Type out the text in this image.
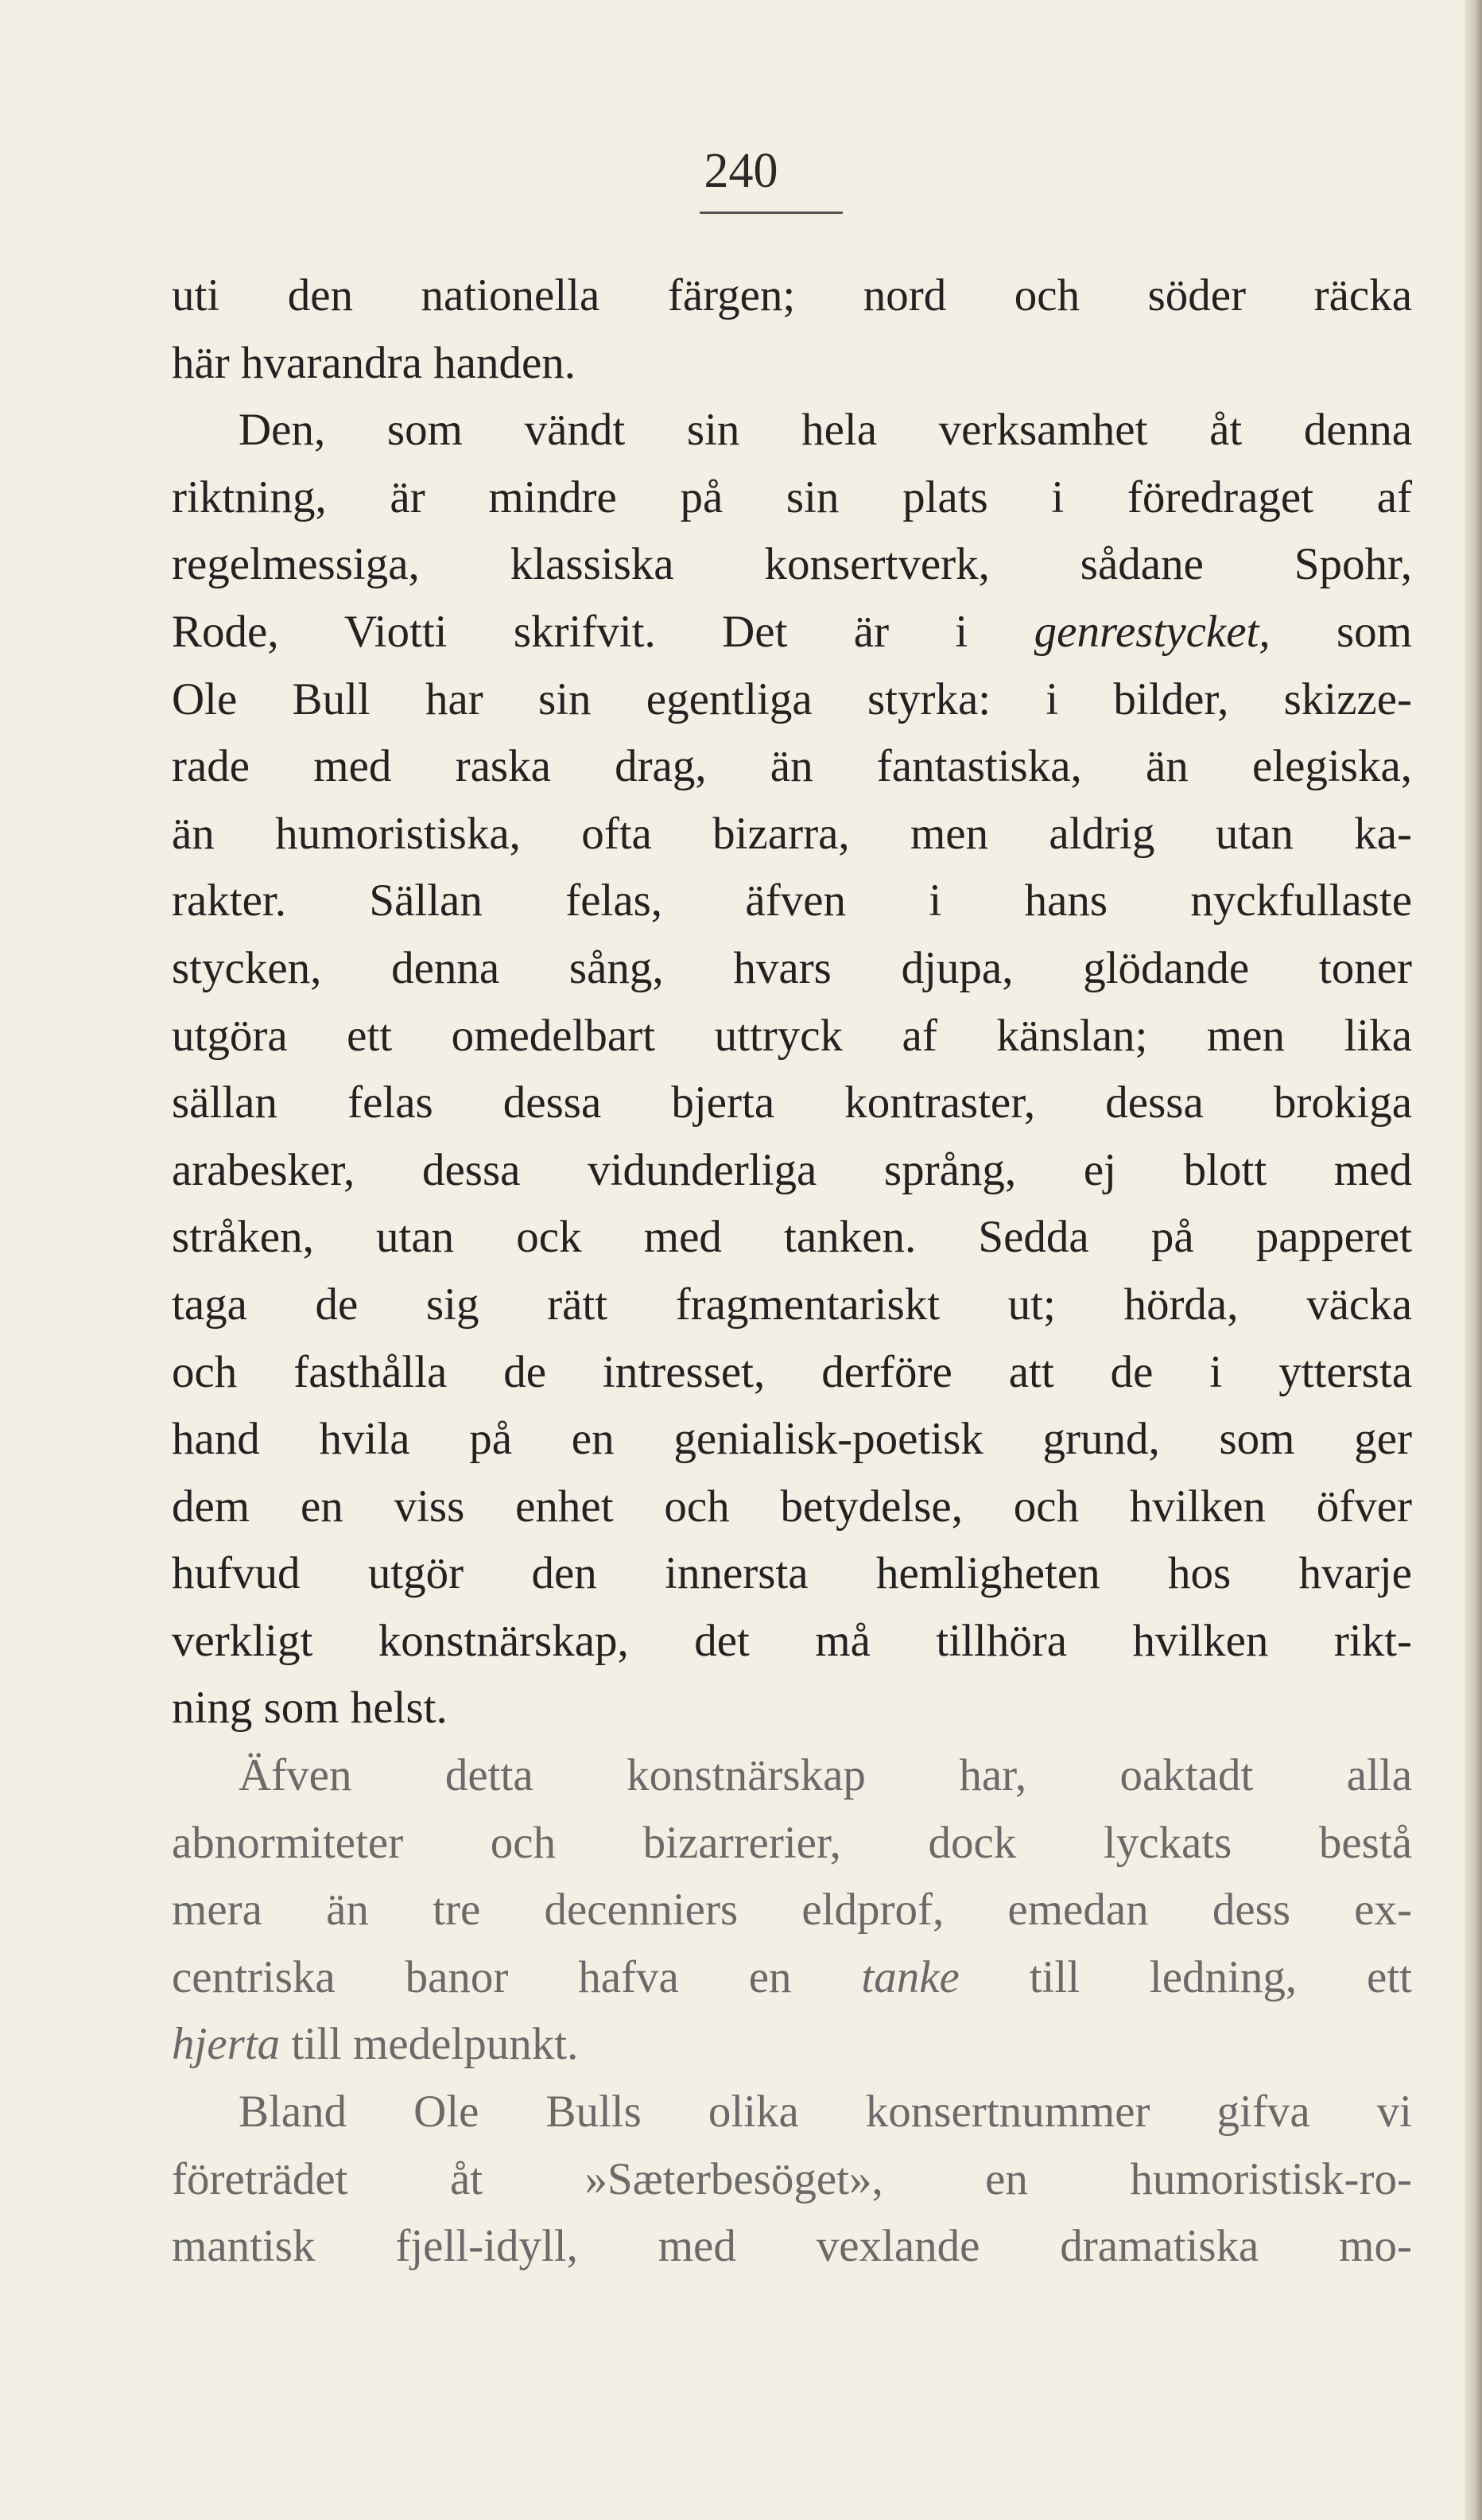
240
uti den nationella färgen; nord och söder räcka
här hvarandra handen.
Den, som vändt sin hela verksamhet åt denna
riktning, är mindre på sin plats i föredraget af
regelmessiga, klassiska konsertverk, sådane Spohr,
Rode, Viotti skrifvit. Det är i genrestycket, som
Ole Bull har sin egentliga styrka: i bilder, skizze-
rade med raska drag, än fantastiska, än elegiska,
än humoristiska, ofta bizarra, men aldrig utan ka-
rakter. Sällan felas, äfven i hans nyckfullaste
stycken, denna sång, hvars djupa, glödande toner
utgöra ett omedelbart uttryck af känslan; men lika
sällan felas dessa bjerta kontraster, dessa brokiga
arabesker, dessa vidunderliga språng, ej blott med
stråken, utan ock med tanken. Sedda på papperet
taga de sig rätt fragmentariskt ut; hörda, väcka
och fasthålla de intresset, derföre att de i yttersta
hand hvila på en genialisk-poetisk grund, som ger
dem en viss enhet och betydelse, och hvilken öfver
hufvud utgör den innersta hemligheten hos hvarje
verkligt konstnärskap, det må tillhöra hvilken rikt-
ning som helst.
Äfven detta konstnärskap har, oaktadt alla
abnormiteter och bizarrerier, dock lyckats bestå
mera än tre decenniers eldprof, emedan dess ex-
centriska banor hafva en tanke till ledning, ett
hjerta till medelpunkt.
Bland Ole Bulls olika konsertnummer gifva vi
företrädet åt »Sæterbesöget», en humoristisk-ro-
mantisk fjell-idyll, med vexlande dramatiska mo-
